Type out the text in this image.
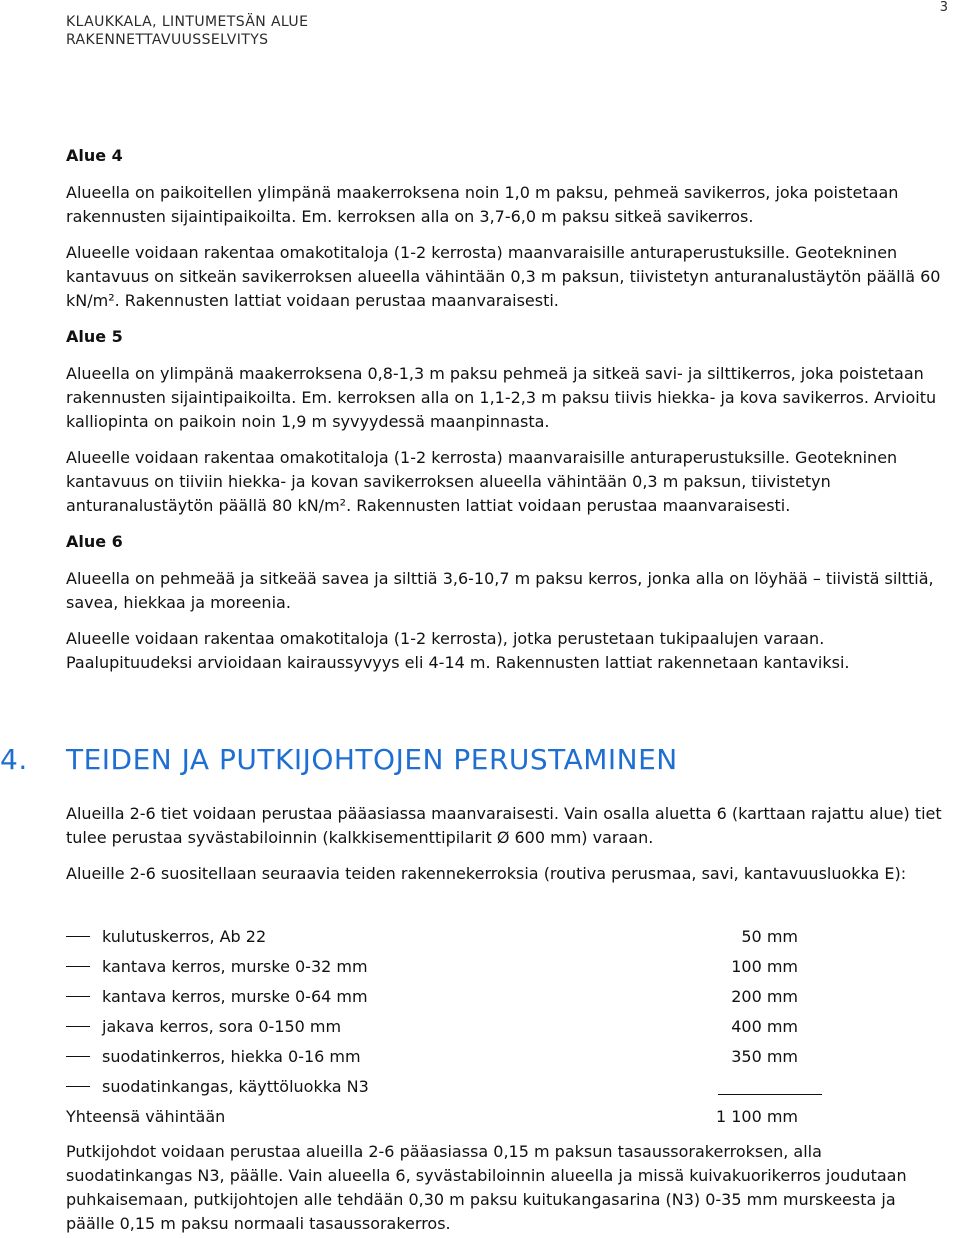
KLAUKKALA, LINTUMETSÄN ALUE
RAKENNETTAVUUSSELVITYS
3
Alue 4

Alueella on paikoitellen ylimpänä maakerroksena noin 1,0 m paksu, pehmeä savikerros, joka poistetaan rakennusten sijaintipaikoilta. Em. kerroksen alla on 3,7-6,0 m paksu sitkeä savikerros.

Alueelle voidaan rakentaa omakotitaloja (1-2 kerrosta) maanvaraisille anturaperustuksille. Geotekninen kantavuus on sitkeän savikerroksen alueella vähintään 0,3 m paksun, tiivistetyn anturanalustäytön päällä 60 kN/m². Rakennusten lattiat voidaan perustaa maanvaraisesti.

Alue 5

Alueella on ylimpänä maakerroksena 0,8-1,3 m paksu pehmeä ja sitkeä savi- ja silttikerros, joka poistetaan rakennusten sijaintipaikoilta. Em. kerroksen alla on 1,1-2,3 m paksu tiivis hiekka- ja kova savikerros. Arvioitu kalliopinta on paikoin noin 1,9 m syvyydessä maanpinnasta.

Alueelle voidaan rakentaa omakotitaloja (1-2 kerrosta) maanvaraisille anturaperustuksille. Geotekninen kantavuus on tiiviin hiekka- ja kovan savikerroksen alueella vähintään 0,3 m paksun, tiivistetyn anturanalustäytön päällä 80 kN/m². Rakennusten lattiat voidaan perustaa maanvaraisesti.

Alue 6

Alueella on pehmeää ja sitkeää savea ja silttiä 3,6-10,7 m paksu kerros, jonka alla on löyhää – tiivistä silttiä, savea, hiekkaa ja moreenia.

Alueelle voidaan rakentaa omakotitaloja (1-2 kerrosta), jotka perustetaan tukipaalujen varaan. Paalupituudeksi arvioidaan kairaussyvyys eli 4-14 m. Rakennusten lattiat rakennetaan kantaviksi.

4. TEIDEN JA PUTKIJOHTOJEN PERUSTAMINEN

Alueilla 2-6 tiet voidaan perustaa pääasiassa maanvaraisesti. Vain osalla aluetta 6 (karttaan rajattu alue) tiet tulee perustaa syvästabiloinnin (kalkkisementtipilarit Ø 600 mm) varaan.

Alueille 2-6 suositellaan seuraavia teiden rakennekerroksia (routiva perusmaa, savi, kantavuusluokka E):

kulutuskerros, Ab 22	50 mm
kantava kerros, murske 0-32 mm	100 mm
kantava kerros, murske 0-64 mm	200 mm
jakava kerros, sora 0-150 mm	400 mm
suodatinkerros, hiekka 0-16 mm	350 mm
suodatinkangas, käyttöluokka N3
Yhteensä vähintään	1 100 mm

Putkijohdot voidaan perustaa alueilla 2-6 pääasiassa 0,15 m paksun tasaussorakerroksen, alla suodatinkangas N3, päälle. Vain alueella 6, syvästabiloinnin alueella ja missä kuivakuorikerros joudutaan puhkaisemaan, putkijohtojen alle tehdään 0,30 m paksu kuitukangasarina (N3) 0-35 mm murskeesta ja päälle 0,15 m paksu normaali tasaussorakerros.
